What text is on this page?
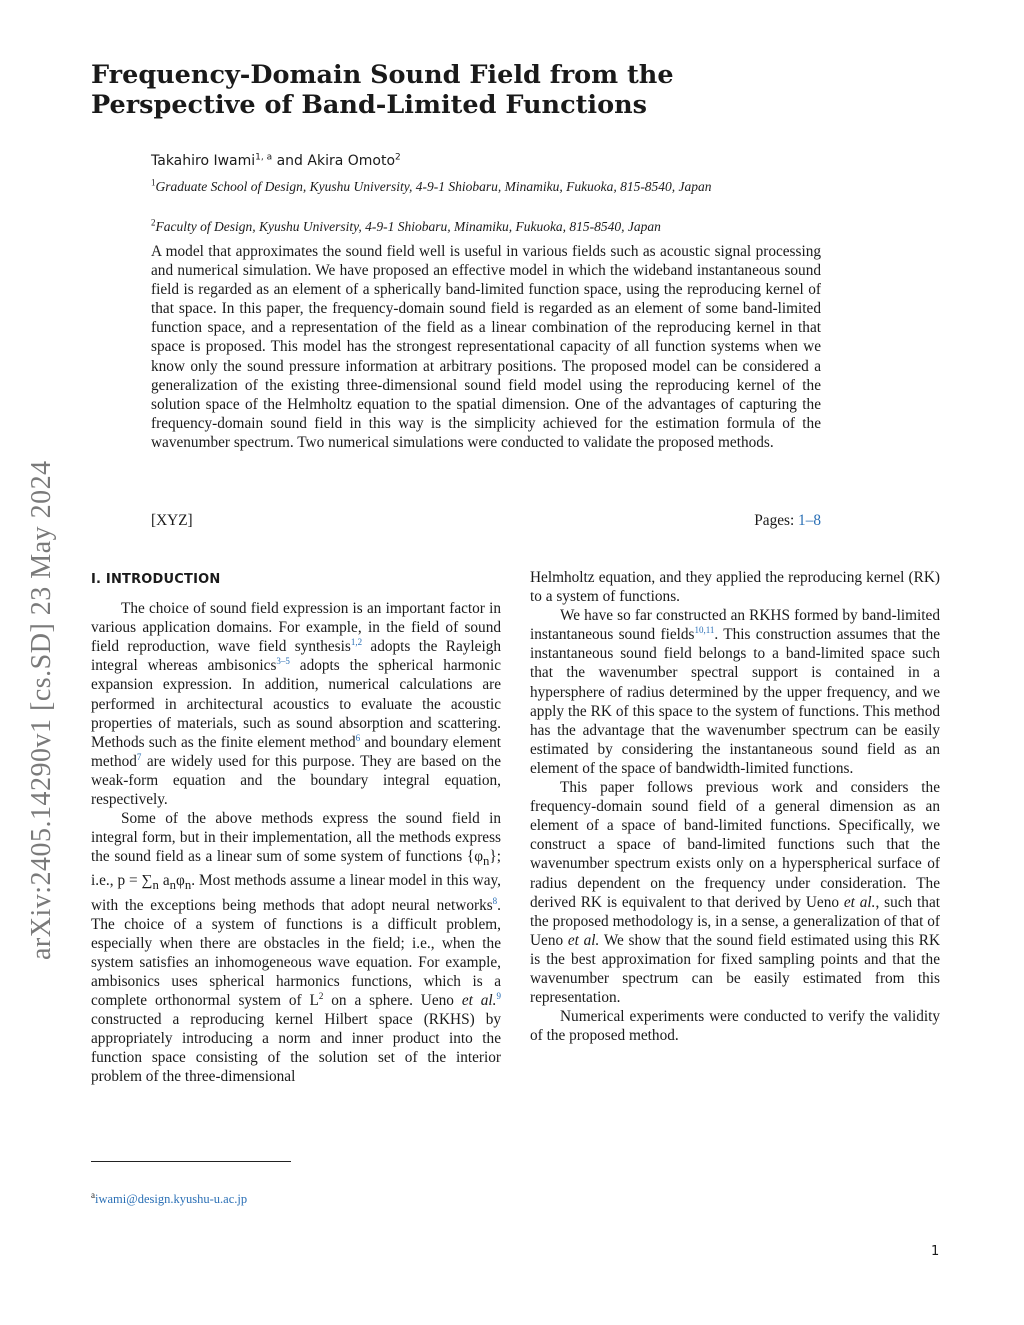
arXiv:2405.14290v1 [cs.SD] 23 May 2024
Frequency-Domain Sound Field from the
Perspective of Band-Limited Functions
Takahiro Iwami$^{1, a}$ and Akira Omoto$^2$
$^1$Graduate School of Design, Kyushu University, 4-9-1 Shiobaru, Minamiku, Fukuoka, 815-8540, Japan
$^2$Faculty of Design, Kyushu University, 4-9-1 Shiobaru, Minamiku, Fukuoka, 815-8540, Japan

A model that approximates the sound field well is useful in various fields such as acoustic signal processing and numerical simulation. We have proposed an effective model in which the wideband instantaneous sound field is regarded as an element of a spherically band-limited function space, using the reproducing kernel of that space. In this paper, the frequency-domain sound field is regarded as an element of some band-limited function space, and a representation of the field as a linear combination of the reproducing kernel in that space is proposed. This model has the strongest representational capacity of all function systems when we know only the sound pressure information at arbitrary positions. The proposed model can be considered a generalization of the existing three-dimensional sound field model using the reproducing kernel of the solution space of the Helmholtz equation to the spatial dimension. One of the advantages of capturing the frequency-domain sound field in this way is the simplicity achieved for the estimation formula of the wavenumber spectrum. Two numerical simulations were conducted to validate the proposed methods.

[XYZ]	Pages: 1–8
I. INTRODUCTION

The choice of sound field expression is an important factor in various application domains. For example, in the field of sound field reproduction, wave field synthesis$^{1,2}$ adopts the Rayleigh integral whereas ambisonics$^{3-5}$ adopts the spherical harmonic expansion expression. In addition, numerical calculations are performed in architectural acoustics to evaluate the acoustic properties of materials, such as sound absorption and scattering. Methods such as the finite element method$^6$ and boundary element method$^7$ are widely used for this purpose. They are based on the weak-form equation and the boundary integral equation, respectively.

Some of the above methods express the sound field in integral form, but in their implementation, all the methods express the sound field as a linear sum of some system of functions $\{\varphi_n\}$; i.e., $p = \sum_n$ $a_n\varphi_n$. Most methods assume a linear model in this way, with the exceptions being methods that adopt neural networks$^8$. The choice of a system of functions is a difficult problem, especially when there are obstacles in the field; i.e., when the system satisfies an inhomogeneous wave equation. For example, ambisonics uses spherical harmonics functions, which is a complete orthonormal system of $L^2$ on a sphere. Ueno et al.$^9$ constructed a reproducing kernel Hilbert space (RKHS) by appropriately introducing a norm and inner product into the function space consisting of the solution set of the interior problem of the three-dimensional

Helmholtz equation, and they applied the reproducing kernel (RK) to a system of functions.

We have so far constructed an RKHS formed by band-limited instantaneous sound fields$^{10,11}$. This construction assumes that the instantaneous sound field belongs to a band-limited space such that the wavenumber spectral support is contained in a hypersphere of radius determined by the upper frequency, and we apply the RK of this space to the system of functions. This method has the advantage that the wavenumber spectrum can be easily estimated by considering the instantaneous sound field as an element of the space of bandwidth-limited functions.

This paper follows previous work and considers the frequency-domain sound field of a general dimension as an element of a space of band-limited functions. Specifically, we construct a space of band-limited functions such that the wavenumber spectrum exists only on a hyperspherical surface of radius dependent on the frequency under consideration. The derived RK is equivalent to that derived by Ueno et al., such that the proposed methodology is, in a sense, a generalization of that of Ueno et al. We show that the sound field estimated using this RK is the best approximation for fixed sampling points and that the wavenumber spectrum can be easily estimated from this representation.

Numerical experiments were conducted to verify the validity of the proposed method.

$^a$iwami@design.kyushu-u.ac.jp
1
